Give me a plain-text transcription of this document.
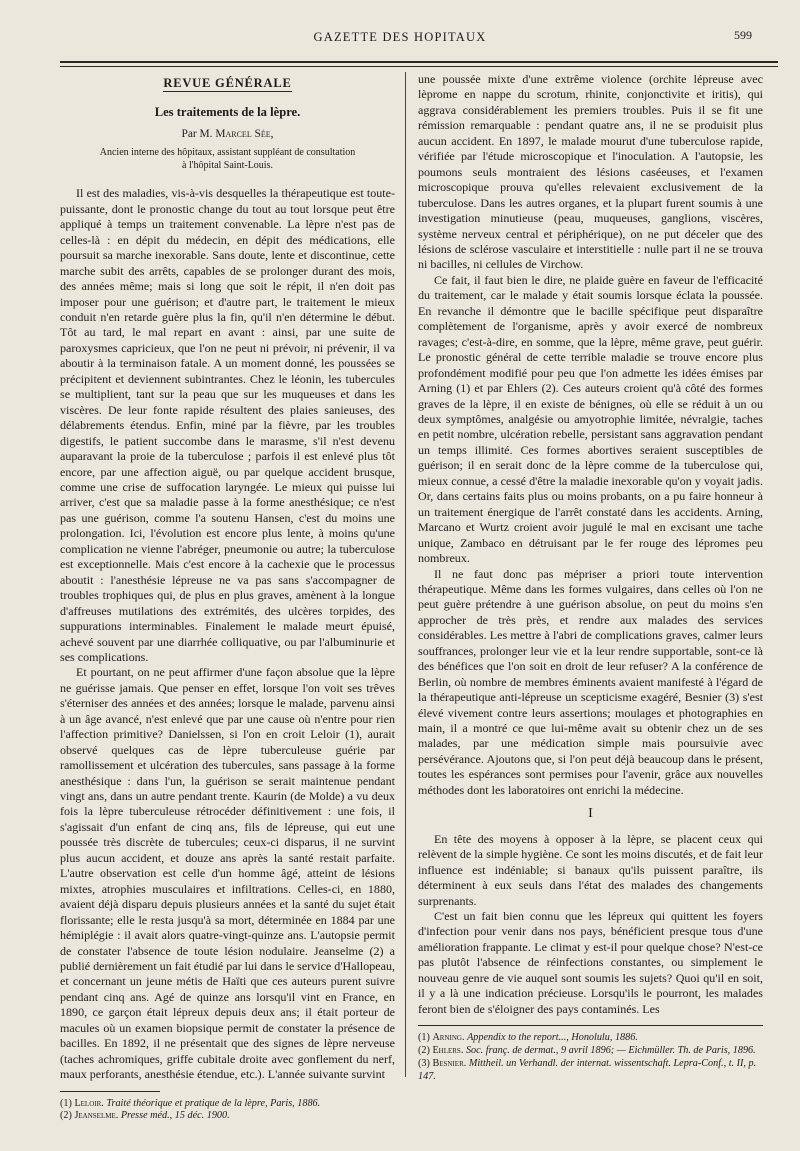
GAZETTE DES HOPITAUX	599
REVUE GÉNÉRALE
Les traitements de la lèpre.
Par M. Marcel Sée,
Ancien interne des hôpitaux, assistant suppléant de consultation
à l'hôpital Saint-Louis.

Il est des maladies, vis-à-vis desquelles la thérapeutique est toute-puissante, dont le pronostic change du tout au tout lorsque peut être appliqué à temps un traitement convenable. La lèpre n'est pas de celles-là : en dépit du médecin, en dépit des médications, elle poursuit sa marche inexorable. Sans doute, lente et discontinue, cette marche subit des arrêts, capables de se prolonger durant des mois, des années même; mais si long que soit le répit, il n'en doit pas imposer pour une guérison; et d'autre part, le traitement le mieux conduit n'en retarde guère plus la fin, qu'il n'en détermine le début. Tôt au tard, le mal repart en avant : ainsi, par une suite de paroxysmes capricieux, que l'on ne peut ni prévoir, ni prévenir, il va aboutir à la terminaison fatale. A un moment donné, les poussées se précipitent et deviennent subintrantes. Chez le léonin, les tubercules se multiplient, tant sur la peau que sur les muqueuses et dans les viscères. De leur fonte rapide résultent des plaies sanieuses, des délabrements étendus. Enfin, miné par la fièvre, par les troubles digestifs, le patient succombe dans le marasme, s'il n'est devenu auparavant la proie de la tuberculose ; parfois il est enlevé plus tôt encore, par une affection aiguë, ou par quelque accident brusque, comme une crise de suffocation laryngée. Le mieux qui puisse lui arriver, c'est que sa maladie passe à la forme anesthésique; ce n'est pas une guérison, comme l'a soutenu Hansen, c'est du moins une prolongation. Ici, l'évolution est encore plus lente, à moins qu'une complication ne vienne l'abréger, pneumonie ou autre; la tuberculose est exceptionnelle. Mais c'est encore à la cachexie que le processus aboutit : l'anesthésie lépreuse ne va pas sans s'accompagner de troubles trophiques qui, de plus en plus graves, amènent à la longue d'affreuses mutilations des extrémités, des ulcères torpides, des suppurations interminables. Finalement le malade meurt épuisé, achevé souvent par une diarrhée colliquative, ou par l'albuminurie et ses complications.

Et pourtant, on ne peut affirmer d'une façon absolue que la lèpre ne guérisse jamais. Que penser en effet, lorsque l'on voit ses trêves s'éterniser des années et des années; lorsque le malade, parvenu ainsi à un âge avancé, n'est enlevé que par une cause où n'entre pour rien l'affection primitive? Danielssen, si l'on en croit Leloir (1), aurait observé quelques cas de lèpre tuberculeuse guérie par ramollissement et ulcération des tubercules, sans passage à la forme anesthésique : dans l'un, la guérison se serait maintenue pendant vingt ans, dans un autre pendant trente. Kaurin (de Molde) a vu deux fois la lèpre tuberculeuse rétrocéder définitivement : une fois, il s'agissait d'un enfant de cinq ans, fils de lépreuse, qui eut une poussée très discrète de tubercules; ceux-ci disparus, il ne survint plus aucun accident, et douze ans après la santé restait parfaite. L'autre observation est celle d'un homme âgé, atteint de lésions mixtes, atrophies musculaires et infiltrations. Celles-ci, en 1880, avaient déjà disparu depuis plusieurs années et la santé du sujet était florissante; elle le resta jusqu'à sa mort, déterminée en 1884 par une hémiplégie : il avait alors quatre-vingt-quinze ans. L'autopsie permit de constater l'absence de toute lésion nodulaire. Jeanselme (2) a publié dernièrement un fait étudié par lui dans le service d'Hallopeau, et concernant un jeune métis de Haïti que ces auteurs purent suivre pendant cinq ans. Agé de quinze ans lorsqu'il vint en France, en 1890, ce garçon était lépreux depuis deux ans; il était porteur de macules où un examen biopsique permit de constater la présence de bacilles. En 1892, il ne présentait que des signes de lèpre nerveuse (taches achromiques, griffe cubitale droite avec gonflement du nerf, maux perforants, anesthésie étendue, etc.). L'année suivante survint

(1) Leloir. Traité théorique et pratique de la lèpre, Paris, 1886.
(2) Jeanselme. Presse méd., 15 déc. 1900.

une poussée mixte d'une extrême violence (orchite lépreuse avec lèprome en nappe du scrotum, rhinite, conjonctivite et iritis), qui aggrava considérablement les premiers troubles. Puis il se fit une rémission remarquable : pendant quatre ans, il ne se produisit plus aucun accident. En 1897, le malade mourut d'une tuberculose rapide, vérifiée par l'étude microscopique et l'inoculation. A l'autopsie, les poumons seuls montraient des lésions caséeuses, et l'examen microscopique prouva qu'elles relevaient exclusivement de la tuberculose. Dans les autres organes, et la plupart furent soumis à une investigation minutieuse (peau, muqueuses, ganglions, viscères, système nerveux central et périphérique), on ne put déceler que des lésions de sclérose vasculaire et interstitielle : nulle part il ne se trouva ni bacilles, ni cellules de Virchow.

Ce fait, il faut bien le dire, ne plaide guère en faveur de l'efficacité du traitement, car le malade y était soumis lorsque éclata la poussée. En revanche il démontre que le bacille spécifique peut disparaître complètement de l'organisme, après y avoir exercé de nombreux ravages; c'est-à-dire, en somme, que la lèpre, même grave, peut guérir. Le pronostic général de cette terrible maladie se trouve encore plus profondément modifié pour peu que l'on admette les idées émises par Arning (1) et par Ehlers (2). Ces auteurs croient qu'à côté des formes graves de la lèpre, il en existe de bénignes, où elle se réduit à un ou deux symptômes, analgésie ou amyotrophie limitée, névralgie, taches en petit nombre, ulcération rebelle, persistant sans aggravation pendant un temps illimité. Ces formes abortives seraient susceptibles de guérison; il en serait donc de la lèpre comme de la tuberculose qui, mieux connue, a cessé d'être la maladie inexorable qu'on y voyait jadis. Or, dans certains faits plus ou moins probants, on a pu faire honneur à un traitement énergique de l'arrêt constaté dans les accidents. Arning, Marcano et Wurtz croient avoir jugulé le mal en excisant une tache unique, Zambaco en détruisant par le fer rouge des lépromes peu nombreux.

Il ne faut donc pas mépriser a priori toute intervention thérapeutique. Même dans les formes vulgaires, dans celles où l'on ne peut guère prétendre à une guérison absolue, on peut du moins s'en approcher de très près, et rendre aux malades des services considérables. Les mettre à l'abri de complications graves, calmer leurs souffrances, prolonger leur vie et la leur rendre supportable, sont-ce là des bénéfices que l'on soit en droit de leur refuser? A la conférence de Berlin, où nombre de membres éminents avaient manifesté à l'égard de la thérapeutique anti-lépreuse un scepticisme exagéré, Besnier (3) s'est élevé vivement contre leurs assertions; moulages et photographies en main, il a montré ce que lui-même avait su obtenir chez un de ses malades, par une médication simple mais poursuivie avec persévérance. Ajoutons que, si l'on peut déjà beaucoup dans le présent, toutes les espérances sont permises pour l'avenir, grâce aux nouvelles méthodes dont les laboratoires ont enrichi la médecine.

I

En tête des moyens à opposer à la lèpre, se placent ceux qui relèvent de la simple hygiène. Ce sont les moins discutés, et de fait leur influence est indéniable; si banaux qu'ils puissent paraître, ils déterminent à eux seuls dans l'état des malades des changements surprenants.

C'est un fait bien connu que les lépreux qui quittent les foyers d'infection pour venir dans nos pays, bénéficient presque tous d'une amélioration frappante. Le climat y est-il pour quelque chose? N'est-ce pas plutôt l'absence de réinfections constantes, ou simplement le nouveau genre de vie auquel sont soumis les sujets? Quoi qu'il en soit, il y a là une indication précieuse. Lorsqu'ils le pourront, les malades feront bien de s'éloigner des pays contaminés. Les

(1) Arning. Appendix to the report..., Honolulu, 1886.
(2) Ehlers. Soc. franç. de dermat., 9 avril 1896; — Eichmüller. Th. de Paris, 1896.
(3) Besnier. Mittheil. un Verhandl. der internat. wissentschaft. Lepra-Conf., t. II, p. 147.
